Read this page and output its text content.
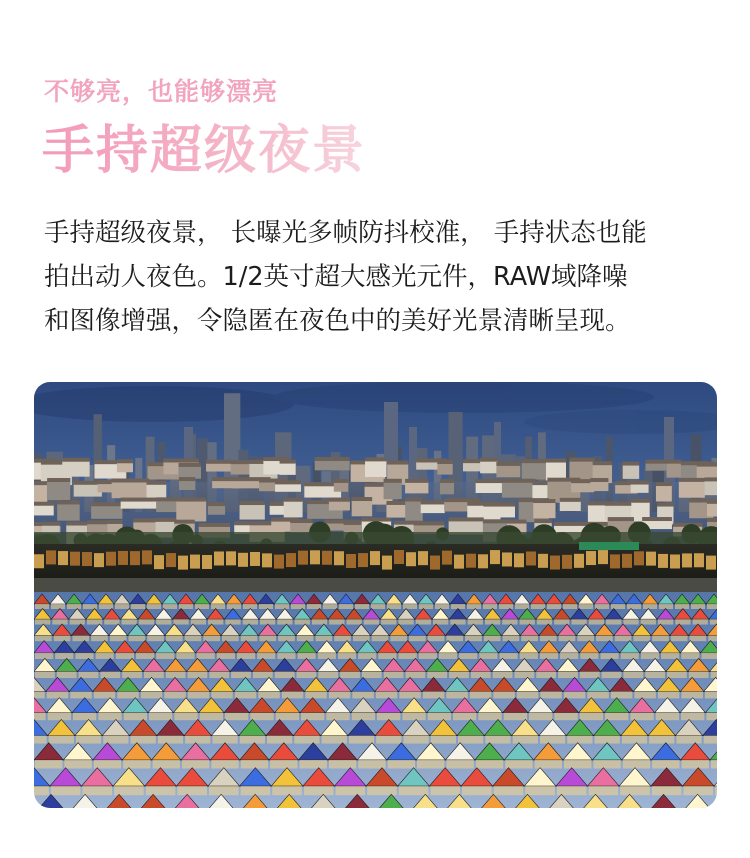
不够亮，也能够漂亮
手持超级夜景
手持超级夜景， 长曝光多帧防抖校准， 手持状态也能
拍出动人夜色。1/2英寸超大感光元件，RAW域降噪
和图像增强，令隐匿在夜色中的美好光景清晰呈现。
